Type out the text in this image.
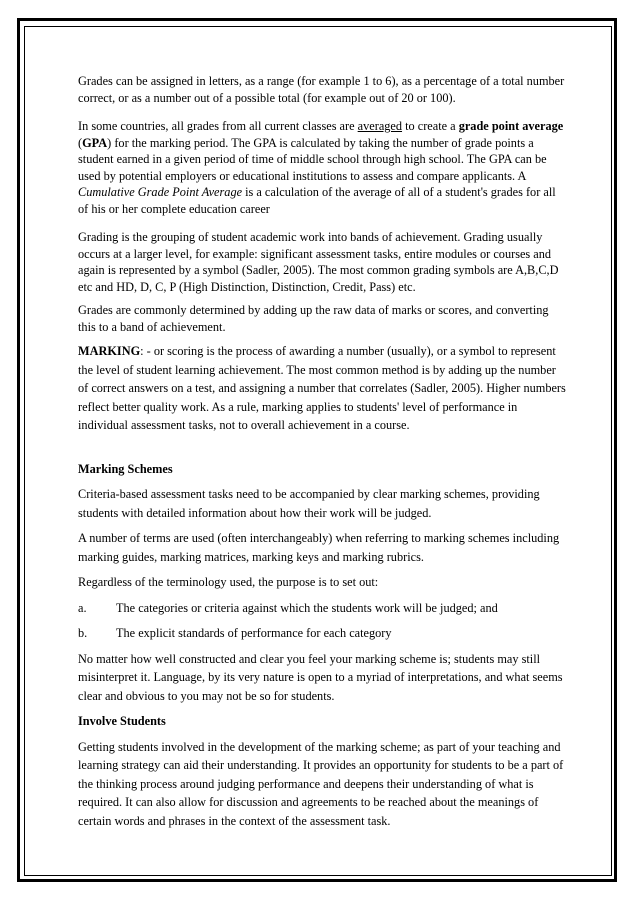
Grades can be assigned in letters, as a range (for example 1 to 6), as a percentage of a total number correct, or as a number out of a possible total (for example out of 20 or 100).

In some countries, all grades from all current classes are averaged to create a grade point average (GPA) for the marking period. The GPA is calculated by taking the number of grade points a student earned in a given period of time of middle school through high school. The GPA can be used by potential employers or educational institutions to assess and compare applicants. A Cumulative Grade Point Average is a calculation of the average of all of a student's grades for all of his or her complete education career

Grading is the grouping of student academic work into bands of achievement. Grading usually occurs at a larger level, for example: significant assessment tasks, entire modules or courses and again is represented by a symbol (Sadler, 2005). The most common grading symbols are A,B,C,D etc and HD, D, C, P (High Distinction, Distinction, Credit, Pass) etc.

Grades are commonly determined by adding up the raw data of marks or scores, and converting this to a band of achievement.

MARKING: - or scoring is the process of awarding a number (usually), or a symbol to represent the level of student learning achievement. The most common method is by adding up the number of correct answers on a test, and assigning a number that correlates (Sadler, 2005). Higher numbers reflect better quality work. As a rule, marking applies to students' level of performance in individual assessment tasks, not to overall achievement in a course.

Marking Schemes

Criteria-based assessment tasks need to be accompanied by clear marking schemes, providing students with detailed information about how their work will be judged.

A number of terms are used (often interchangeably) when referring to marking schemes including marking guides, marking matrices, marking keys and marking rubrics.

Regardless of the terminology used, the purpose is to set out:

a.	The categories or criteria against which the students work will be judged; and
b.	The explicit standards of performance for each category

No matter how well constructed and clear you feel your marking scheme is; students may still misinterpret it. Language, by its very nature is open to a myriad of interpretations, and what seems clear and obvious to you may not be so for students.

Involve Students

Getting students involved in the development of the marking scheme; as part of your teaching and learning strategy can aid their understanding. It provides an opportunity for students to be a part of the thinking process around judging performance and deepens their understanding of what is required. It can also allow for discussion and agreements to be reached about the meanings of certain words and phrases in the context of the assessment task.
